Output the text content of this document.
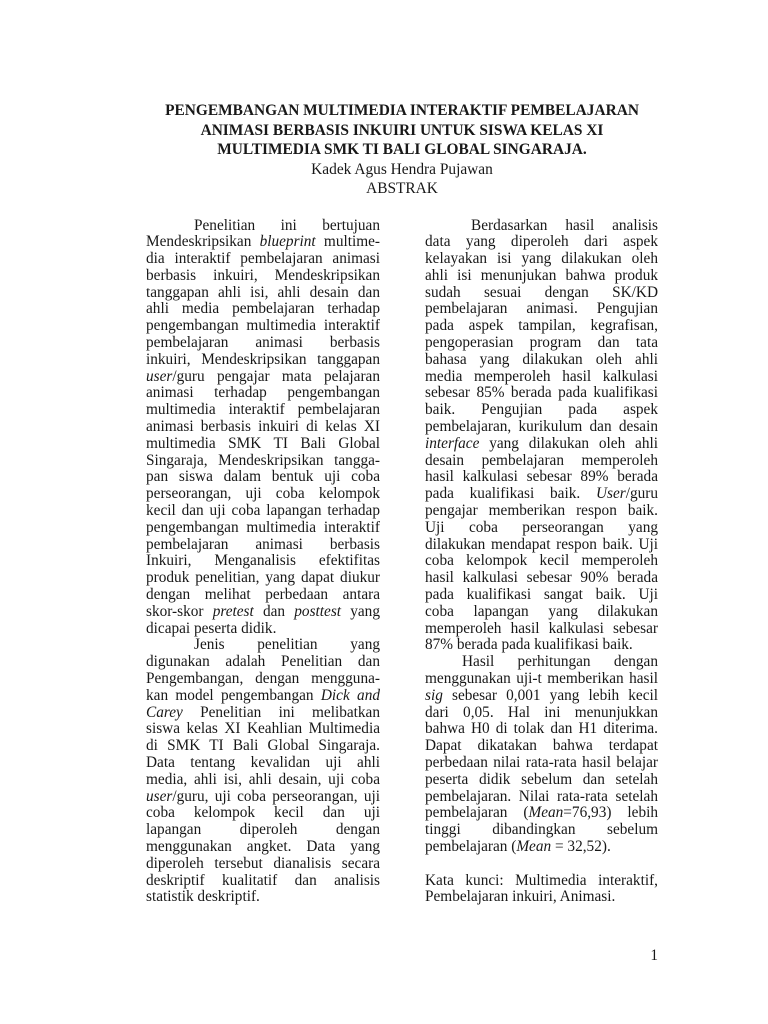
PENGEMBANGAN MULTIMEDIA INTERAKTIF PEMBELAJARAN
ANIMASI BERBASIS INKUIRI UNTUK SISWA KELAS XI
MULTIMEDIA SMK TI BALI GLOBAL SINGARAJA.
Kadek Agus Hendra Pujawan
ABSTRAK
Penelitian ini bertujuan
Mendeskripsikan blueprint multime-
dia interaktif pembelajaran animasi
berbasis inkuiri, Mendeskripsikan
tanggapan ahli isi, ahli desain dan
ahli media pembelajaran terhadap
pengembangan multimedia interaktif
pembelajaran animasi berbasis
inkuiri, Mendeskripsikan tanggapan
user/guru pengajar mata pelajaran
animasi terhadap pengembangan
multimedia interaktif pembelajaran
animasi berbasis inkuiri di kelas XI
multimedia SMK TI Bali Global
Singaraja, Mendeskripsikan tangga-
pan siswa dalam bentuk uji coba
perseorangan, uji coba kelompok
kecil dan uji coba lapangan terhadap
pengembangan multimedia interaktif
pembelajaran animasi berbasis
Inkuiri, Menganalisis efektifitas
produk penelitian, yang dapat diukur
dengan melihat perbedaan antara
skor-skor pretest dan posttest yang
dicapai peserta didik.
Jenis penelitian yang
digunakan adalah Penelitian dan
Pengembangan, dengan mengguna-
kan model pengembangan Dick and
Carey Penelitian ini melibatkan
siswa kelas XI Keahlian Multimedia
di SMK TI Bali Global Singaraja.
Data tentang kevalidan uji ahli
media, ahli isi, ahli desain, uji coba
user/guru, uji coba perseorangan, uji
coba kelompok kecil dan uji
lapangan diperoleh dengan
menggunakan angket. Data yang
diperoleh tersebut dianalisis secara
deskriptif kualitatif dan analisis
statistik deskriptif.
Berdasarkan hasil analisis
data yang diperoleh dari aspek
kelayakan isi yang dilakukan oleh
ahli isi menunjukan bahwa produk
sudah sesuai dengan SK/KD
pembelajaran animasi. Pengujian
pada aspek tampilan, kegrafisan,
pengoperasian program dan tata
bahasa yang dilakukan oleh ahli
media memperoleh hasil kalkulasi
sebesar 85% berada pada kualifikasi
baik. Pengujian pada aspek
pembelajaran, kurikulum dan desain
interface yang dilakukan oleh ahli
desain pembelajaran memperoleh
hasil kalkulasi sebesar 89% berada
pada kualifikasi baik. User/guru
pengajar memberikan respon baik.
Uji coba perseorangan yang
dilakukan mendapat respon baik. Uji
coba kelompok kecil memperoleh
hasil kalkulasi sebesar 90% berada
pada kualifikasi sangat baik. Uji
coba lapangan yang dilakukan
memperoleh hasil kalkulasi sebesar
87% berada pada kualifikasi baik.
Hasil perhitungan dengan
menggunakan uji-t memberikan hasil
sig sebesar 0,001 yang lebih kecil
dari 0,05. Hal ini menunjukkan
bahwa H0 di tolak dan H1 diterima.
Dapat dikatakan bahwa terdapat
perbedaan nilai rata-rata hasil belajar
peserta didik sebelum dan setelah
pembelajaran. Nilai rata-rata setelah
pembelajaran (Mean=76,93) lebih
tinggi dibandingkan sebelum
pembelajaran (Mean = 32,52).
Kata kunci: Multimedia interaktif,
Pembelajaran inkuiri, Animasi.
1
